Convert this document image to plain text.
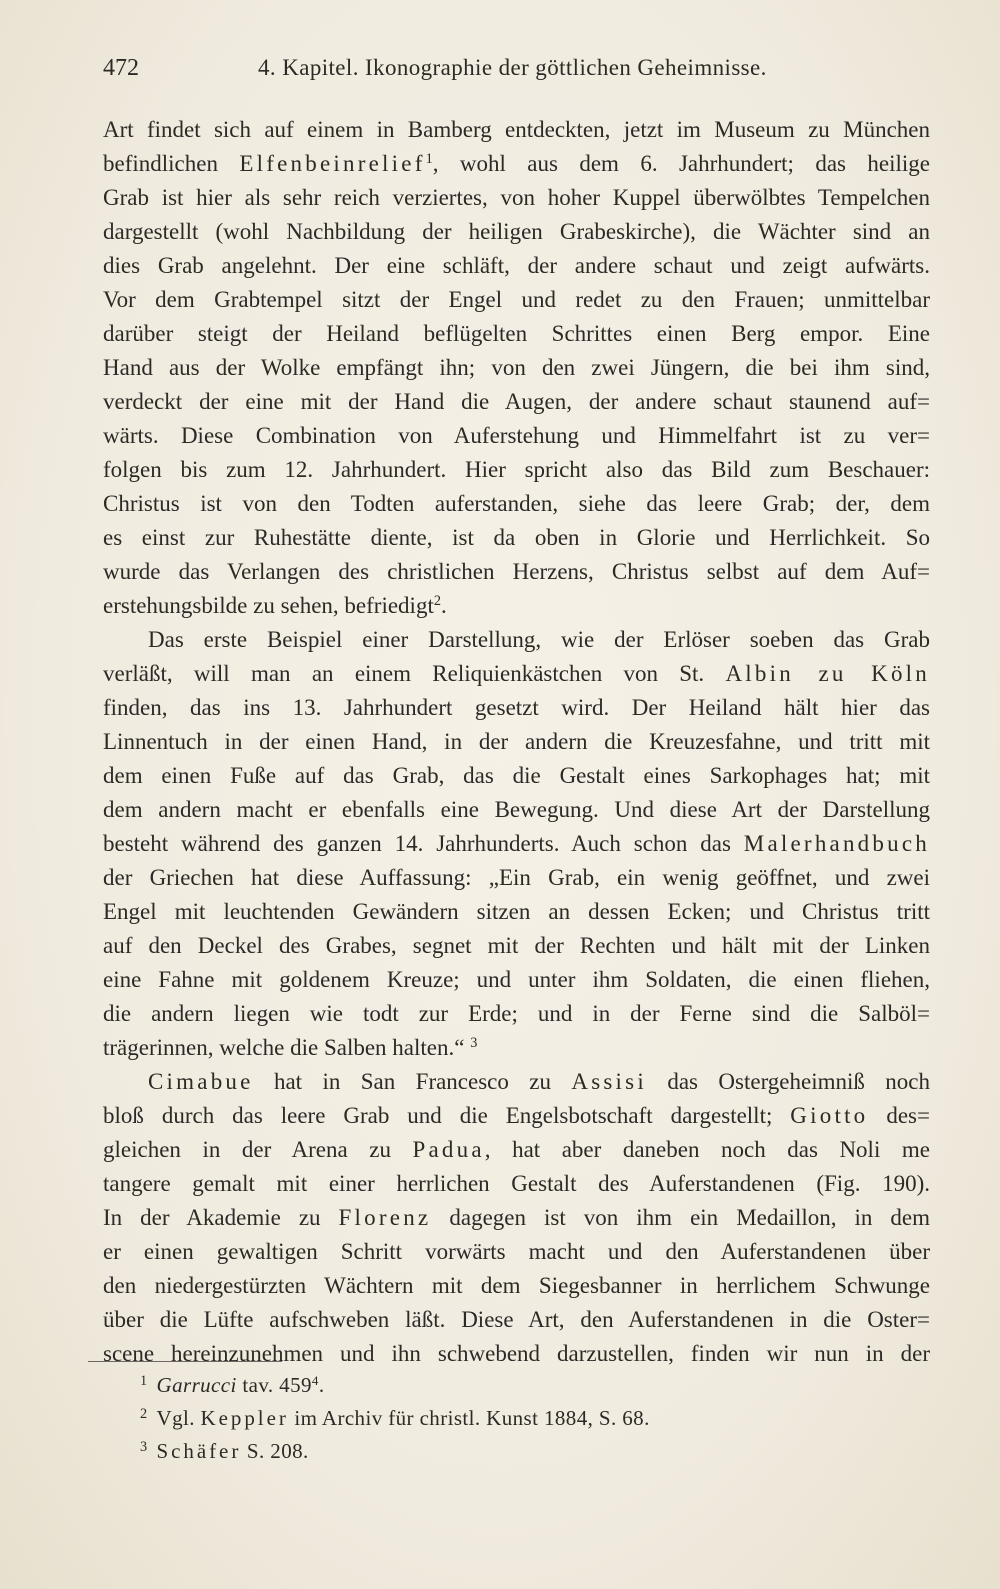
472	4. Kapitel. Ikonographie der göttlichen Geheimnisse.
Art findet sich auf einem in Bamberg entdeckten, jetzt im Museum zu München
befindlichen Elfenbeinrelief$^1$, wohl aus dem 6. Jahrhundert; das heilige
Grab ist hier als sehr reich verziertes, von hoher Kuppel überwölbtes Tempelchen
dargestellt (wohl Nachbildung der heiligen Grabeskirche), die Wächter sind an
dies Grab angelehnt. Der eine schläft, der andere schaut und zeigt aufwärts.
Vor dem Grabtempel sitzt der Engel und redet zu den Frauen; unmittelbar
darüber steigt der Heiland beflügelten Schrittes einen Berg empor. Eine
Hand aus der Wolke empfängt ihn; von den zwei Jüngern, die bei ihm sind,
verdeckt der eine mit der Hand die Augen, der andere schaut staunend auf=
wärts. Diese Combination von Auferstehung und Himmelfahrt ist zu ver=
folgen bis zum 12. Jahrhundert. Hier spricht also das Bild zum Beschauer:
Christus ist von den Todten auferstanden, siehe das leere Grab; der, dem
es einst zur Ruhestätte diente, ist da oben in Glorie und Herrlichkeit. So
wurde das Verlangen des christlichen Herzens, Christus selbst auf dem Auf=
erstehungsbilde zu sehen, befriedigt$^2$.
Das erste Beispiel einer Darstellung, wie der Erlöser soeben das Grab
verläßt, will man an einem Reliquienkästchen von St. Albin zu Köln
finden, das ins 13. Jahrhundert gesetzt wird. Der Heiland hält hier das
Linnentuch in der einen Hand, in der andern die Kreuzesfahne, und tritt mit
dem einen Fuße auf das Grab, das die Gestalt eines Sarkophages hat; mit
dem andern macht er ebenfalls eine Bewegung. Und diese Art der Darstellung
besteht während des ganzen 14. Jahrhunderts. Auch schon das Malerhandbuch
der Griechen hat diese Auffassung: „Ein Grab, ein wenig geöffnet, und zwei
Engel mit leuchtenden Gewändern sitzen an dessen Ecken; und Christus tritt
auf den Deckel des Grabes, segnet mit der Rechten und hält mit der Linken
eine Fahne mit goldenem Kreuze; und unter ihm Soldaten, die einen fliehen,
die andern liegen wie todt zur Erde; und in der Ferne sind die Salböl=
trägerinnen, welche die Salben halten.“ $^3$
Cimabue hat in San Francesco zu Assisi das Ostergeheimniß noch
bloß durch das leere Grab und die Engelsbotschaft dargestellt; Giotto des=
gleichen in der Arena zu Padua, hat aber daneben noch das Noli me
tangere gemalt mit einer herrlichen Gestalt des Auferstandenen (Fig. 190).
In der Akademie zu Florenz dagegen ist von ihm ein Medaillon, in dem
er einen gewaltigen Schritt vorwärts macht und den Auferstandenen über
den niedergestürzten Wächtern mit dem Siegesbanner in herrlichem Schwunge
über die Lüfte aufschweben läßt. Diese Art, den Auferstandenen in die Oster=
scene hereinzunehmen und ihn schwebend darzustellen, finden wir nun in der
$^1$ Garrucci tav. $459^4$.
$^2$ Vgl. Keppler im Archiv für christl. Kunst 1884, S. 68.
$^3$ Schäfer S. 208.
